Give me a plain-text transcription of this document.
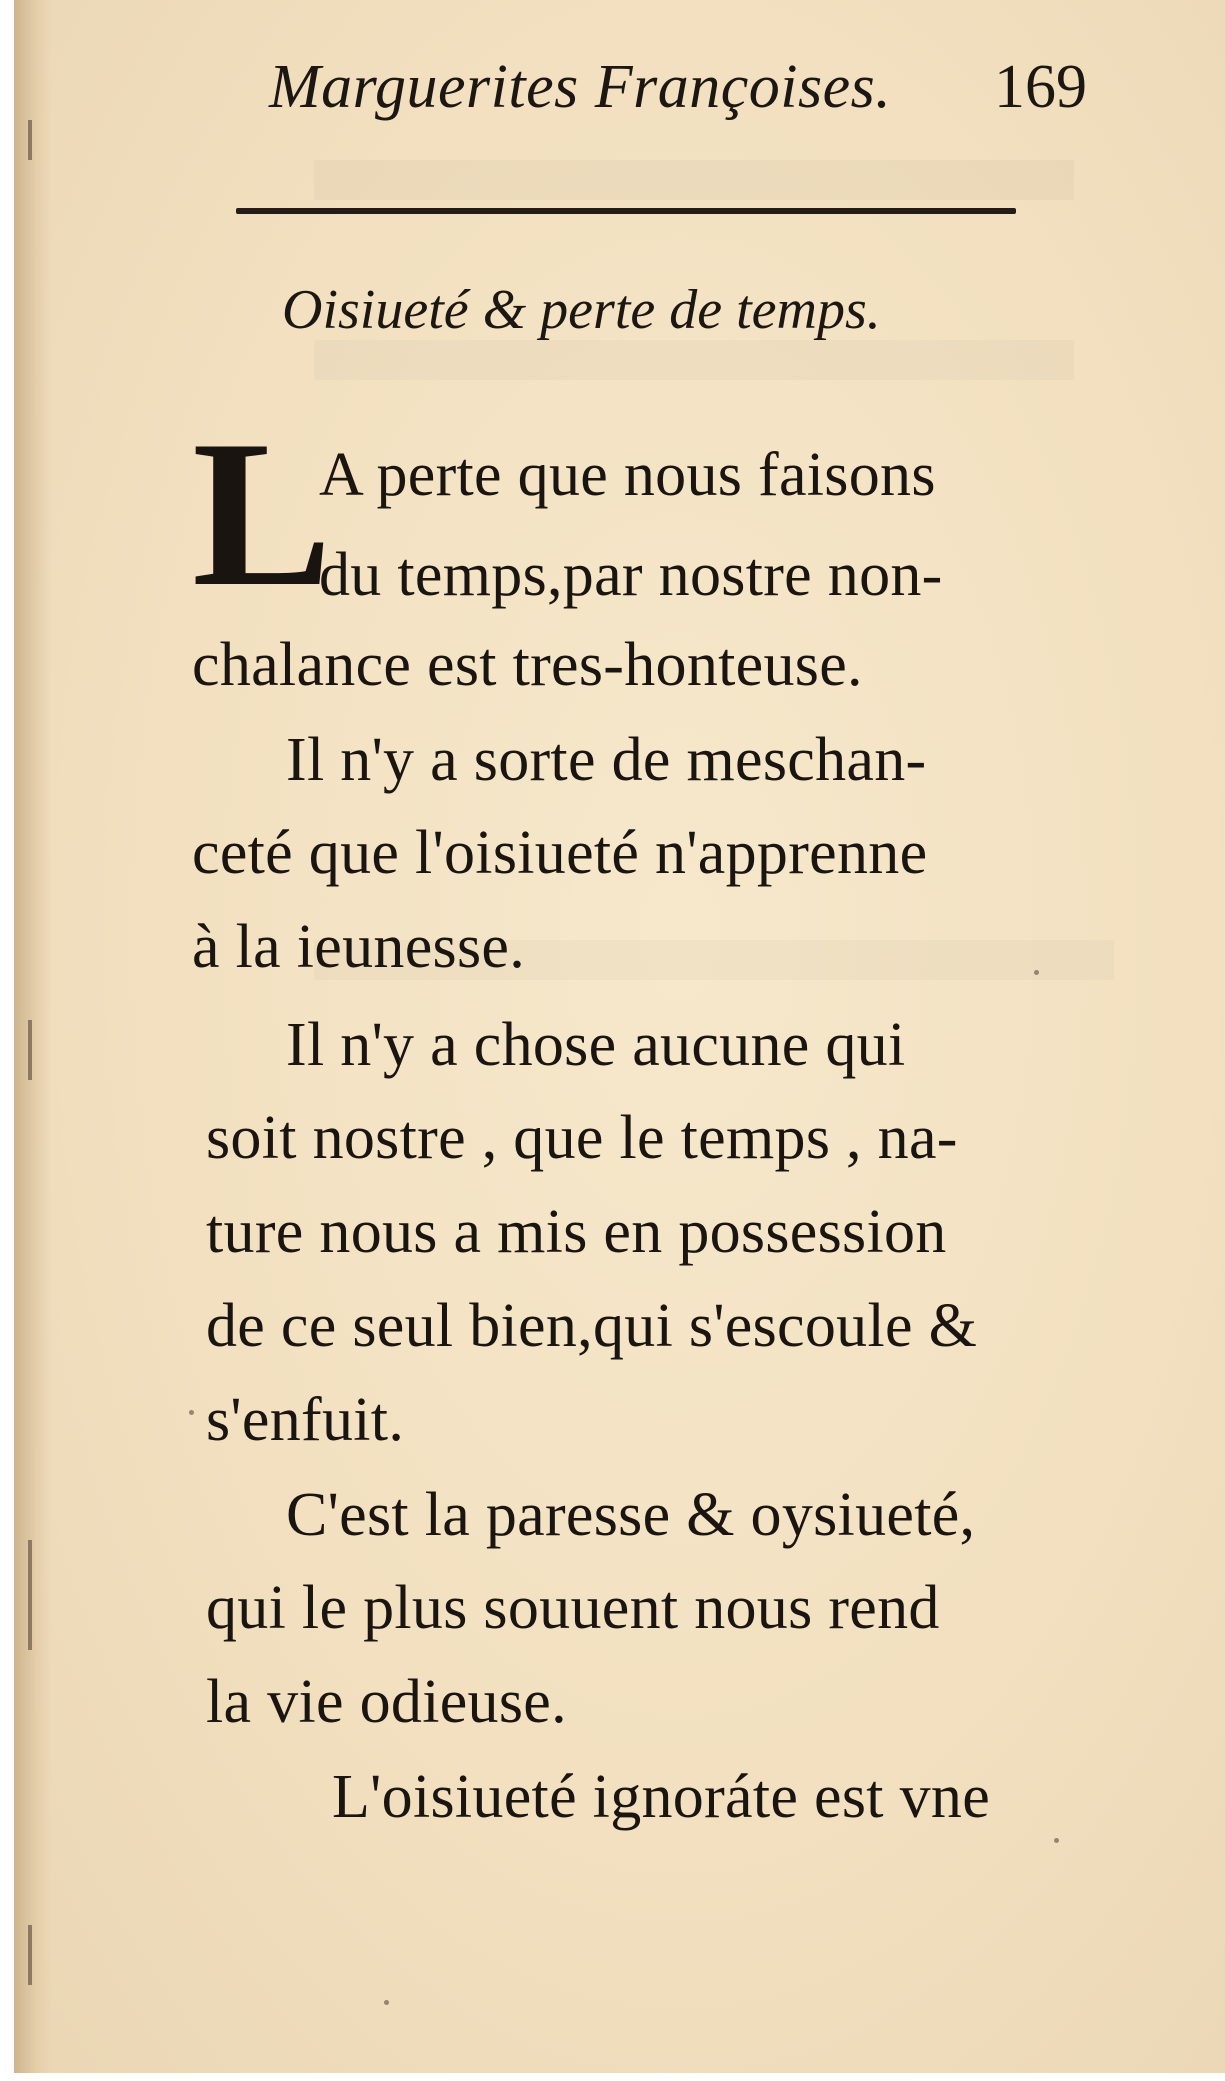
Marguerites Françoises. 169
Oisiueté & perte de temps.
L
A perte que nous faisons
du temps,par nostre non-
chalance est tres-honteuse.
Il n'y a sorte de meschan-
ceté que l'oisiueté n'apprenne
à la ieunesse.
Il n'y a chose aucune qui
soit nostre , que le temps , na-
ture nous a mis en possession
de ce seul bien,qui s'escoule &
s'enfuit.
C'est la paresse & oysiueté,
qui le plus souuent nous rend
la vie odieuse.
L'oisiueté ignoráte est vne
